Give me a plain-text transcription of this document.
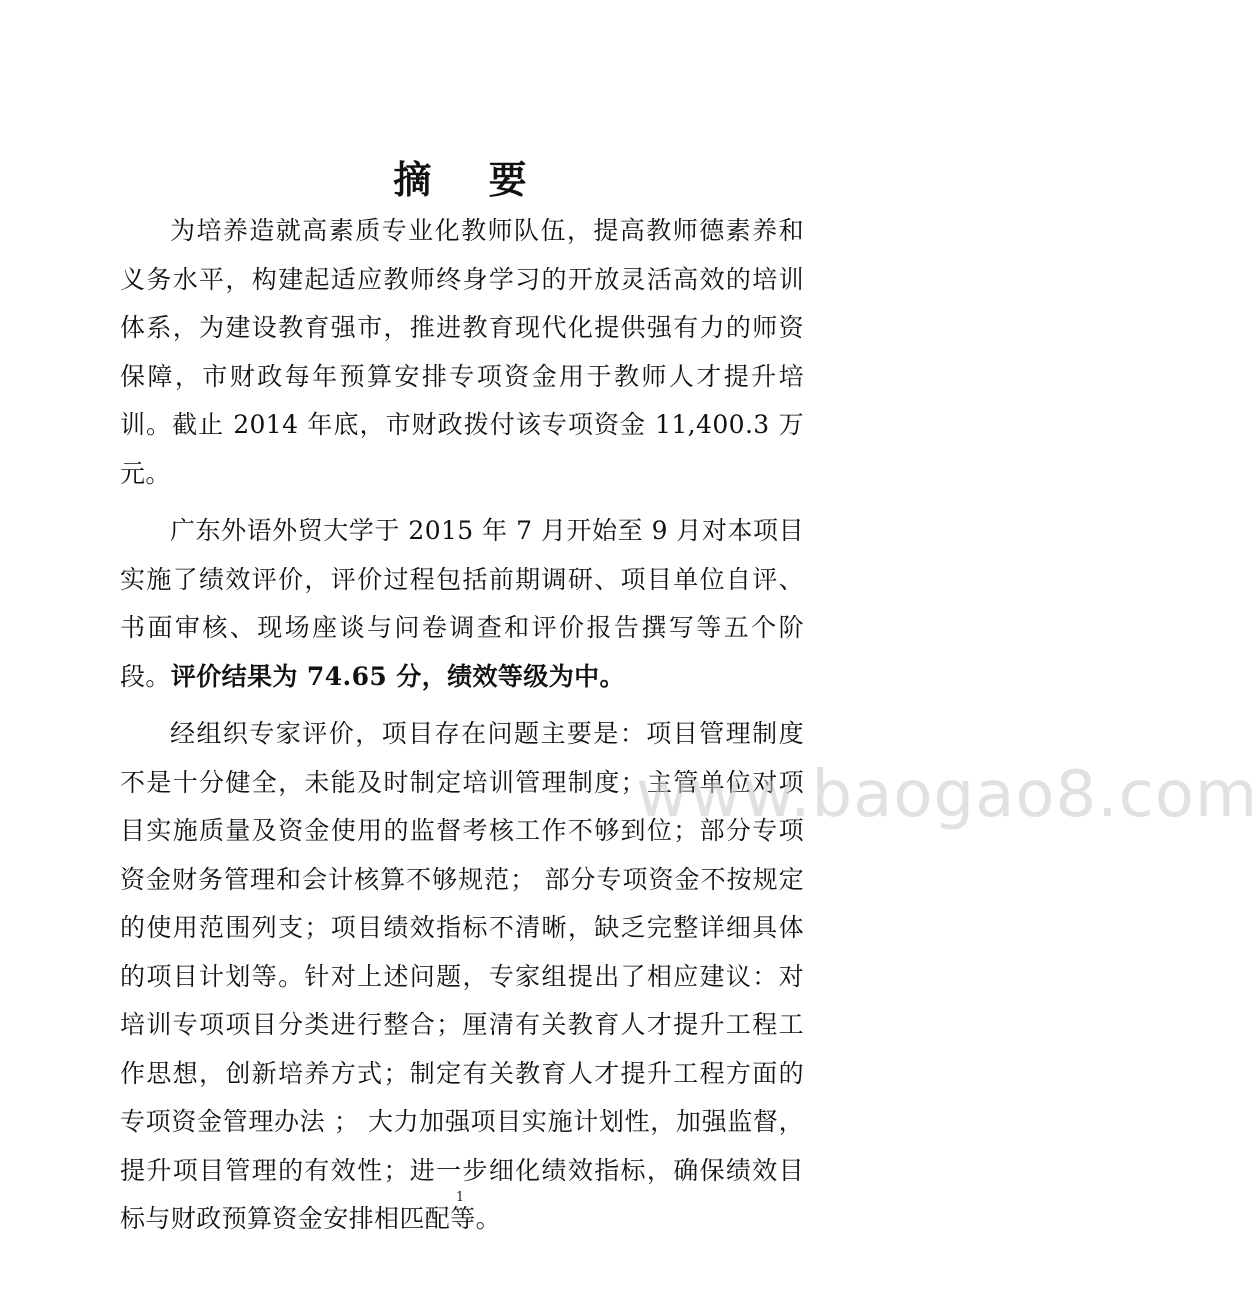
摘 要

为培养造就高素质专业化教师队伍，提高教师德素养和义务水平，构建起适应教师终身学习的开放灵活高效的培训体系，为建设教育强市，推进教育现代化提供强有力的师资保障，市财政每年预算安排专项资金用于教师人才提升培训。截止 2014 年底，市财政拨付该专项资金 11,400.3 万元。

广东外语外贸大学于 2015 年 7 月开始至 9 月对本项目实施了绩效评价，评价过程包括前期调研、项目单位自评、书面审核、现场座谈与问卷调查和评价报告撰写等五个阶段。评价结果为 74.65 分，绩效等级为中。

经组织专家评价，项目存在问题主要是：项目管理制度不是十分健全，未能及时制定培训管理制度；主管单位对项目实施质量及资金使用的监督考核工作不够到位；部分专项资金财务管理和会计核算不够规范； 部分专项资金不按规定的使用范围列支；项目绩效指标不清晰，缺乏完整详细具体的项目计划等。针对上述问题，专家组提出了相应建议：对培训专项项目分类进行整合；厘清有关教育人才提升工程工作思想，创新培养方式；制定有关教育人才提升工程方面的专项资金管理办法 ； 大力加强项目实施计划性，加强监督，提升项目管理的有效性；进一步细化绩效指标，确保绩效目标与财政预算资金安排相匹配等。

www.baogao8.com
1
